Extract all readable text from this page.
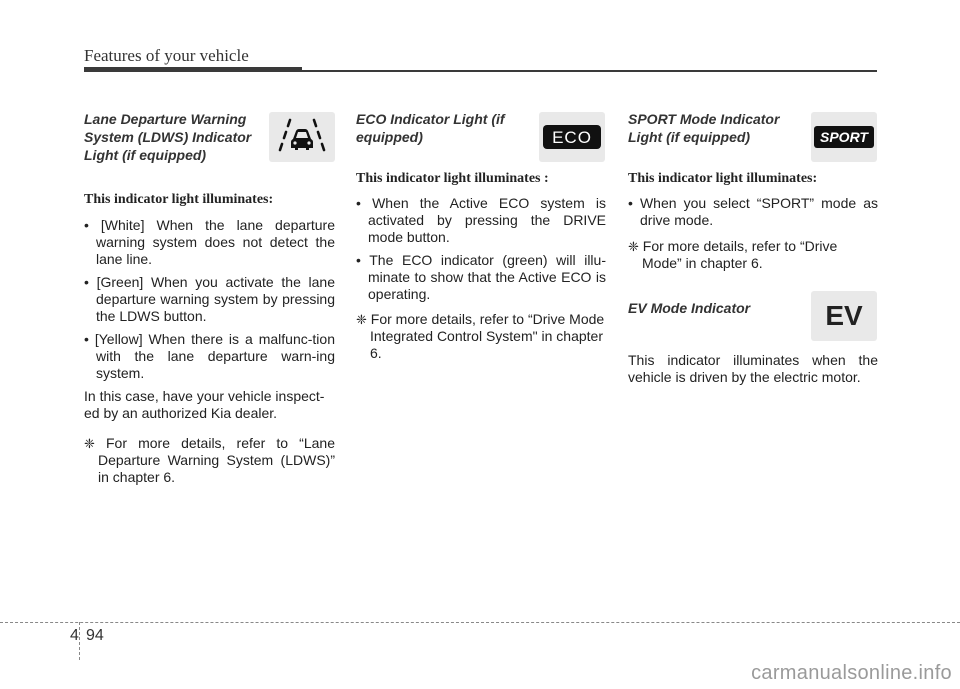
Features of your vehicle

Lane Departure Warning System (LDWS) Indicator Light (if equipped)

This indicator light illuminates:

• [White] When the lane departure warning system does not detect the lane line.
• [Green] When you activate the lane departure warning system by pressing the LDWS button.
• [Yellow] When there is a malfunc-tion with the lane departure warn-ing system.

In this case, have your vehicle inspect-ed by an authorized Kia dealer.

❈ For more details, refer to “Lane Departure Warning System (LDWS)” in chapter 6.

ECO Indicator Light (if equipped)

This indicator light illuminates :

• When the Active ECO system is activated by pressing the DRIVE mode button.
• The ECO indicator (green) will illu-minate to show that the Active ECO is operating.

❈ For more details, refer to “Drive Mode Integrated Control System" in chapter 6.

ECO

SPORT Mode Indicator Light (if equipped)

This indicator light illuminates:

• When you select “SPORT” mode as drive mode.

❈ For more details, refer to “Drive Mode” in chapter 6.

EV Mode Indicator

This indicator illuminates when the vehicle is driven by the electric motor.

SPORT
EV
4 94
carmanualsonline.info
